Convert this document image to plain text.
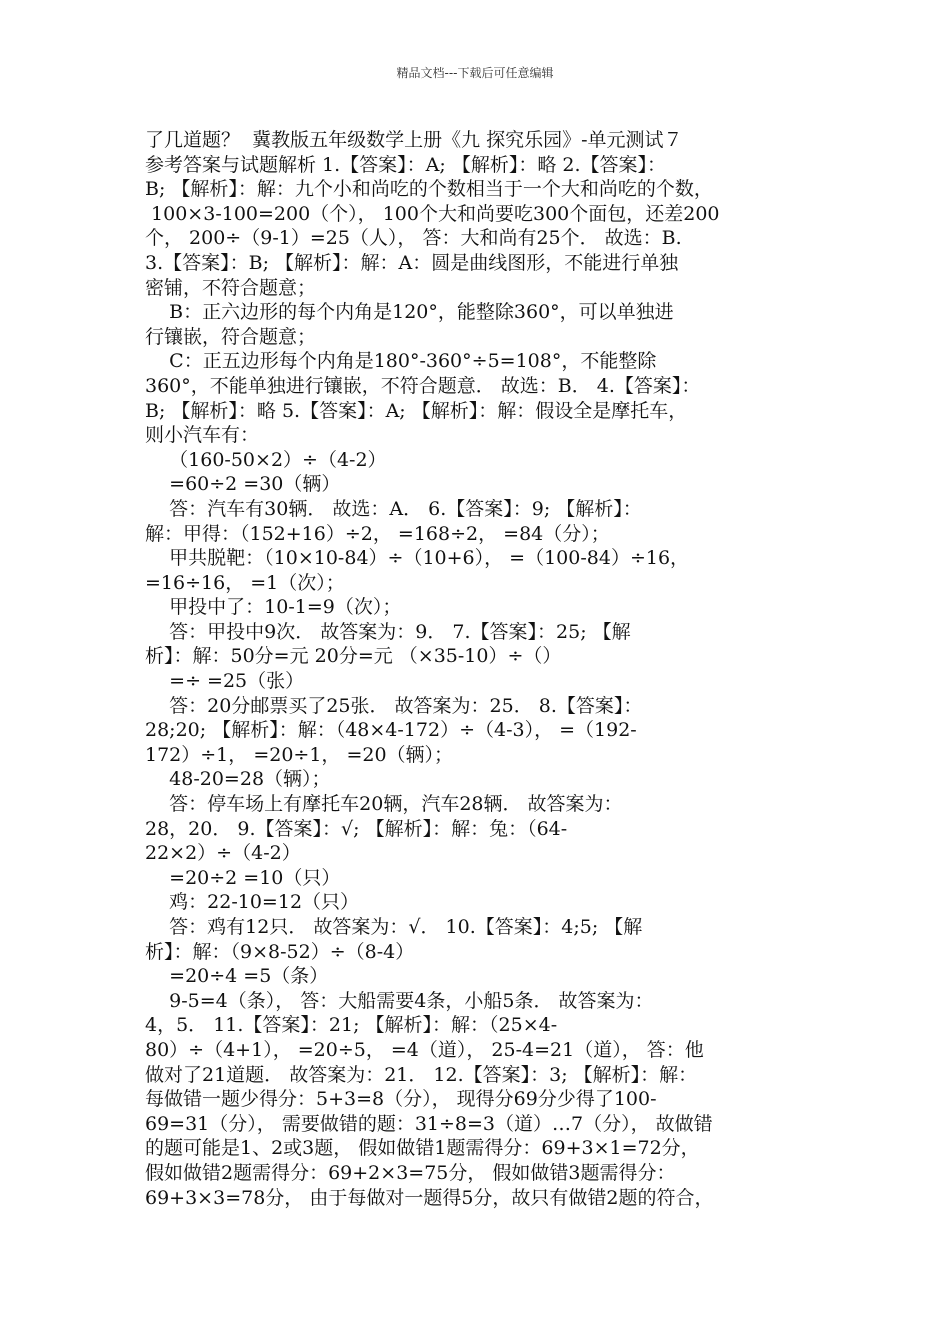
精品文档---下载后可任意编辑
了几道题？  冀教版五年级数学上册《九 探究乐园》-单元测试７
参考答案与试题解析 1.【答案】：A; 【解析】：略 2.【答案】：
B; 【解析】：解：九个小和尚吃的个数相当于一个大和尚吃的个数，
100×3-100=200（个）， 100个大和尚要吃300个面包，还差200
个， 200÷（9-1）=25（人）， 答：大和尚有25个． 故选：B.
3.【答案】：B; 【解析】：解：A：圆是曲线图形，不能进行单独
密铺，不符合题意；
B：正六边形的每个内角是120°，能整除360°，可以单独进
行镶嵌，符合题意；
C：正五边形每个内角是180°-360°÷5=108°，不能整除
360°，不能单独进行镶嵌，不符合题意． 故选：B． 4.【答案】：
B; 【解析】：略 5.【答案】：A; 【解析】：解：假设全是摩托车，
则小汽车有：
（160-50×2）÷（4-2）
=60÷2 =30（辆）
答：汽车有30辆． 故选：A． 6.【答案】：9; 【解析】：
解：甲得：（152+16）÷2， =168÷2， =84（分）；
甲共脱靶：（10×10-84）÷（10+6）， =（100-84）÷16，
=16÷16， =1（次）；
甲投中了：10-1=9（次）；
答：甲投中9次． 故答案为：9． 7.【答案】：25; 【解
析】：解：50分=元 20分=元 （×35-10）÷（）
=÷ =25（张）
答：20分邮票买了25张． 故答案为：25． 8.【答案】：
28;20; 【解析】：解：（48×4-172）÷（4-3）， =（192-
172）÷1， =20÷1， =20（辆）；
48-20=28（辆）；
答：停车场上有摩托车20辆，汽车28辆． 故答案为：
28，20． 9.【答案】：√; 【解析】：解：兔：（64-
22×2）÷（4-2）
=20÷2 =10（只）
鸡：22-10=12（只）
答：鸡有12只． 故答案为：√． 10.【答案】：4;5; 【解
析】：解：（9×8-52）÷（8-4）
=20÷4 =5（条）
9-5=4（条）， 答：大船需要4条，小船5条． 故答案为：
4，5． 11.【答案】：21; 【解析】：解：（25×4-
80）÷（4+1）， =20÷5， =4（道）， 25-4=21（道）， 答：他
做对了21道题． 故答案为：21． 12.【答案】：3; 【解析】：解：
每做错一题少得分：5+3=8（分）， 现得分69分少得了100-
69=31（分）， 需要做错的题：31÷8=3（道）…7（分）， 故做错
的题可能是1、2或3题， 假如做错1题需得分：69+3×1=72分，
假如做错2题需得分：69+2×3=75分， 假如做错3题需得分：
69+3×3=78分， 由于每做对一题得5分，故只有做错2题的符合，
